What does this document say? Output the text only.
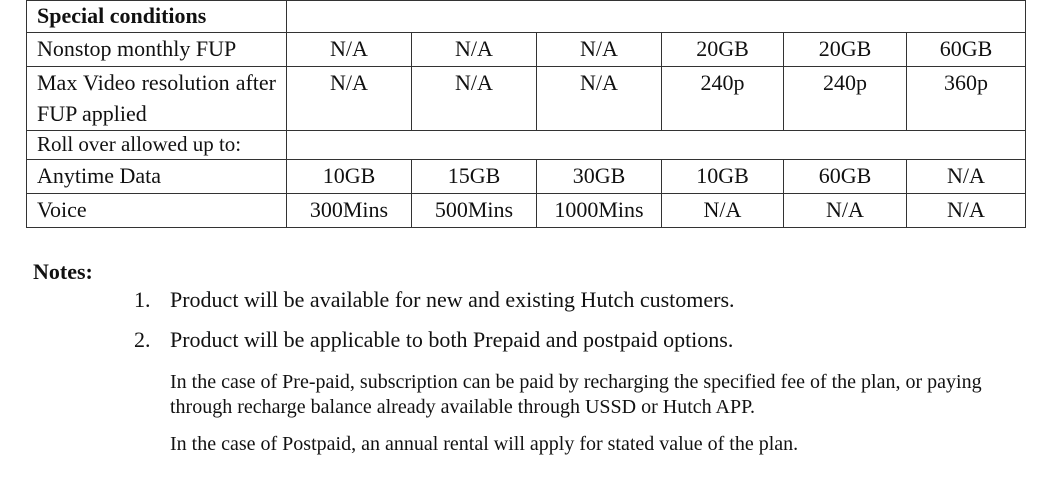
Special conditions						
Nonstop monthly FUP	N/A	N/A	N/A	20GB	20GB	60GB
Max Video resolution after FUP applied	N/A	N/A	N/A	240p	240p	360p
Roll over allowed up to:						
Anytime Data	10GB	15GB	30GB	10GB	60GB	N/A
Voice	300Mins	500Mins	1000Mins	N/A	N/A	N/A
Notes:
1. Product will be available for new and existing Hutch customers.
2. Product will be applicable to both Prepaid and postpaid options.
In the case of Pre-paid, subscription can be paid by recharging the specified fee of the plan, or paying through recharge balance already available through USSD or Hutch APP.
In the case of Postpaid, an annual rental will apply for stated value of the plan.
